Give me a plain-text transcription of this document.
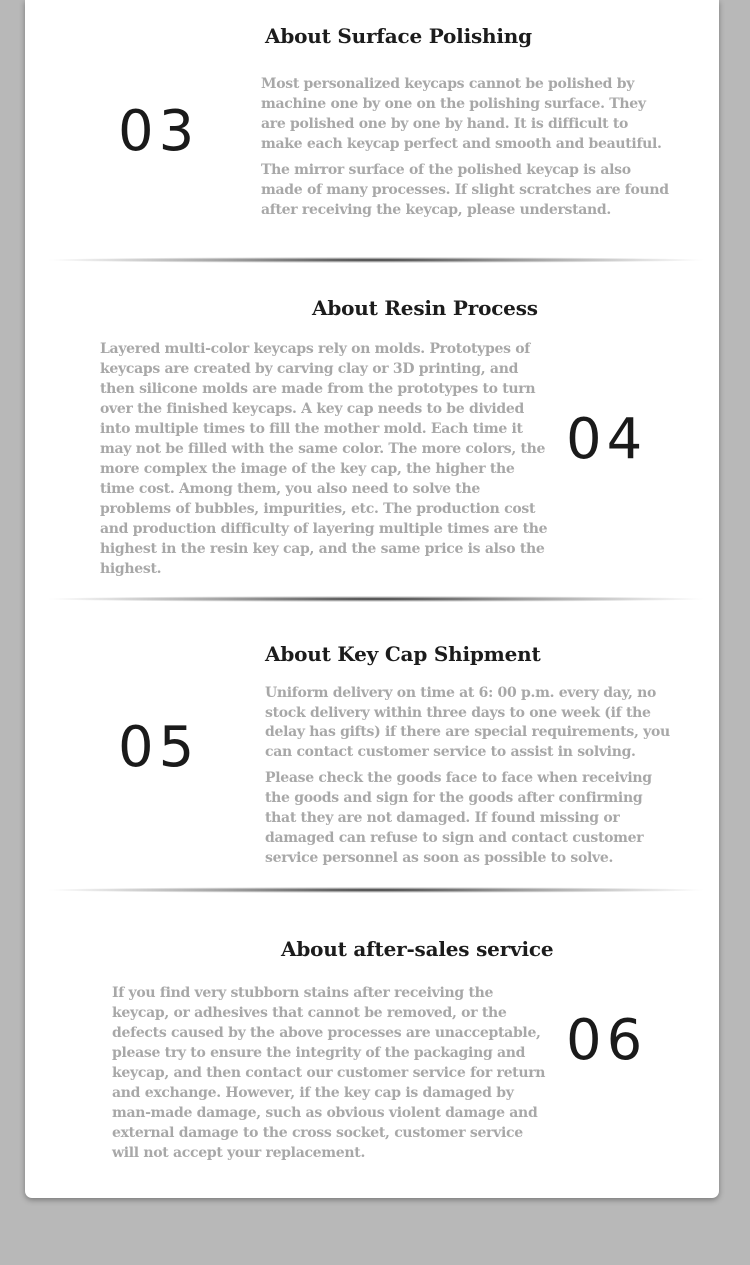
About Surface Polishing
03

Most personalized keycaps cannot be polished by machine one by one on the polishing surface. They are polished one by one by hand. It is difficult to make each keycap perfect and smooth and beautiful.

The mirror surface of the polished keycap is also made of many processes. If slight scratches are found after receiving the keycap, please understand.

About Resin Process

Layered multi-color keycaps rely on molds. Prototypes of keycaps are created by carving clay or 3D printing, and then silicone molds are made from the prototypes to turn over the finished keycaps. A key cap needs to be divided into multiple times to fill the mother mold. Each time it may not be filled with the same color. The more colors, the more complex the image of the key cap, the higher the time cost. Among them, you also need to solve the problems of bubbles, impurities, etc. The production cost and production difficulty of layering multiple times are the highest in the resin key cap, and the same price is also the highest.

04
About Key Cap Shipment
05

Uniform delivery on time at 6: 00 p.m. every day, no stock delivery within three days to one week (if the delay has gifts) if there are special requirements, you can contact customer service to assist in solving.

Please check the goods face to face when receiving the goods and sign for the goods after confirming that they are not damaged. If found missing or damaged can refuse to sign and contact customer service personnel as soon as possible to solve.

About after-sales service

If you find very stubborn stains after receiving the keycap, or adhesives that cannot be removed, or the defects caused by the above processes are unacceptable, please try to ensure the integrity of the packaging and keycap, and then contact our customer service for return and exchange. However, if the key cap is damaged by man-made damage, such as obvious violent damage and external damage to the cross socket, customer service will not accept your replacement.

06
